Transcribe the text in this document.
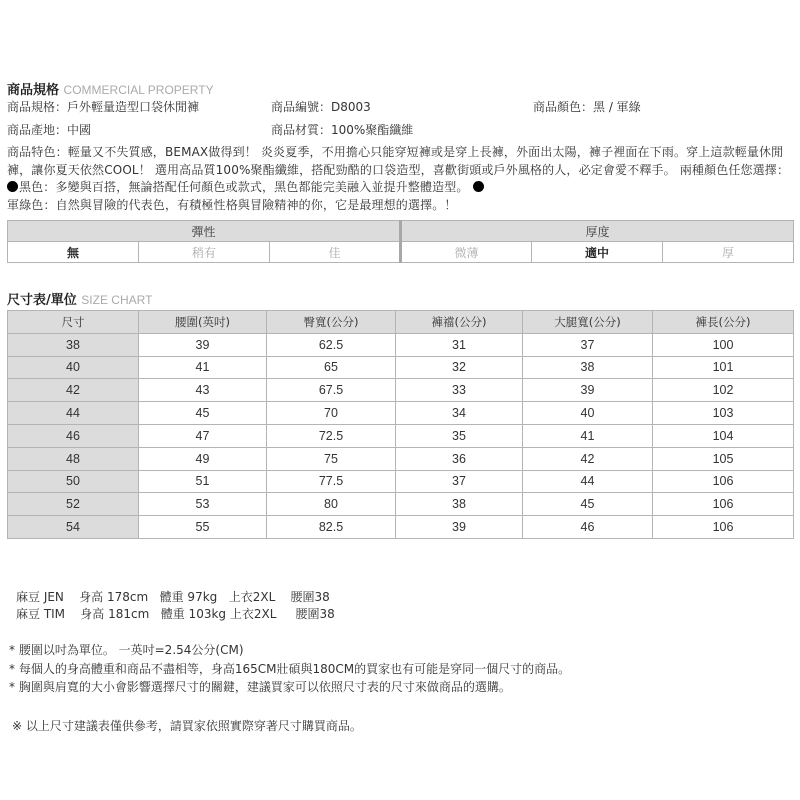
商品規格 COMMERCIAL PROPERTY
商品規格：戶外輕量造型口袋休閒褲	商品編號：D8003	商品顏色：黑 / 軍綠
商品產地：中國	商品材質：100%聚酯纖維
商品特色：輕量又不失質感，BEMAX做得到！ 炎炎夏季，不用擔心只能穿短褲或是穿上長褲，外面出太陽，褲子裡面在下雨。穿上這款輕量休閒褲，讓你夏天依然COOL！ 選用高品質100%聚酯纖維，搭配勁酷的口袋造型，喜歡街頭或戶外風格的人，必定會愛不釋手。 兩種顏色任您選擇：黑色：多變與百搭，無論搭配任何顏色或款式，黑色都能完美融入並提升整體造型。
軍綠色：自然與冒險的代表色，有積極性格與冒險精神的你，它是最理想的選擇。！
彈性			厚度		
無	稍有	佳	微薄	適中	厚
尺寸表/單位 SIZE CHART
尺寸	腰圍(英吋)	臀寬(公分)	褲襠(公分)	大腿寬(公分)	褲長(公分)
38	39	62.5	31	37	100
40	41	65	32	38	101
42	43	67.5	33	39	102
44	45	70	34	40	103
46	47	72.5	35	41	104
48	49	75	36	42	105
50	51	77.5	37	44	106
52	53	80	38	45	106
54	55	82.5	39	46	106
麻豆 JEN    身高 178cm   體重 97kg   上衣2XL    腰圍38
麻豆 TIM    身高 181cm   體重 103kg 上衣2XL     腰圍38
* 腰圍以吋為單位。 一英吋=2.54公分(CM)
* 每個人的身高體重和商品不盡相等，身高165CM壯碩與180CM的買家也有可能是穿同一個尺寸的商品。
* 胸圍與肩寬的大小會影響選擇尺寸的關鍵，建議買家可以依照尺寸表的尺寸來做商品的選購。
※ 以上尺寸建議表僅供參考，請買家依照實際穿著尺寸購買商品。
